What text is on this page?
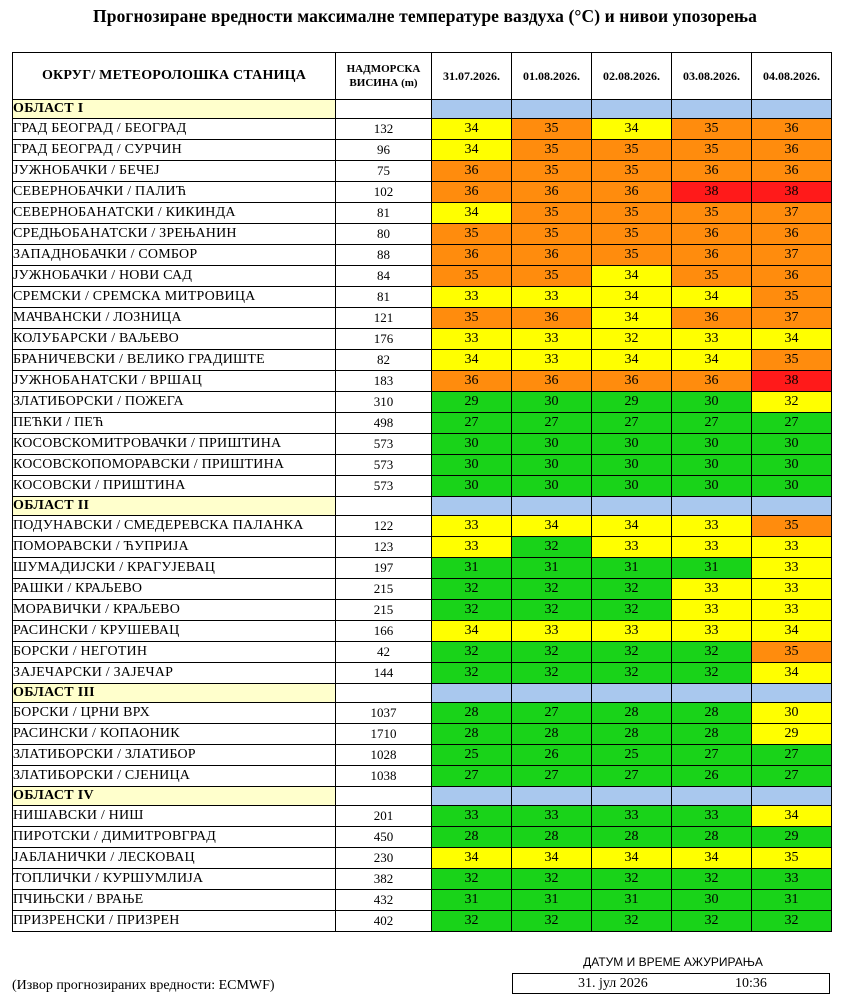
Прогнозиране вредности максималне температуре ваздуха (°C) и нивои упозорења
ОКРУГ/ МЕТЕОРОЛОШКА СТАНИЦА	НАДМОРСКА
ВИСИНА (m)	31.07.2026.	01.08.2026.	02.08.2026.	03.08.2026.	04.08.2026.
ОБЛАСТ I						
ГРАД БЕОГРАД / БЕОГРАД	132	34	35	34	35	36
ГРАД БЕОГРАД / СУРЧИН	96	34	35	35	35	36
ЈУЖНОБАЧКИ / БЕЧЕЈ	75	36	35	35	36	36
СЕВЕРНОБАЧКИ / ПАЛИЋ	102	36	36	36	38	38
СЕВЕРНОБАНАТСКИ / КИКИНДА	81	34	35	35	35	37
СРЕДЊОБАНАТСКИ / ЗРЕЊАНИН	80	35	35	35	36	36
ЗАПАДНОБАЧКИ / СОМБОР	88	36	36	35	36	37
ЈУЖНОБАЧКИ / НОВИ САД	84	35	35	34	35	36
СРЕМСКИ / СРЕМСКА МИТРОВИЦА	81	33	33	34	34	35
МАЧВАНСКИ / ЛОЗНИЦА	121	35	36	34	36	37
КОЛУБАРСКИ / ВАЉЕВО	176	33	33	32	33	34
БРАНИЧЕВСКИ / ВЕЛИКО ГРАДИШТЕ	82	34	33	34	34	35
ЈУЖНОБАНАТСКИ / ВРШАЦ	183	36	36	36	36	38
ЗЛАТИБОРСКИ / ПОЖЕГА	310	29	30	29	30	32
ПЕЋКИ / ПЕЋ	498	27	27	27	27	27
КОСОВСКОМИТРОВАЧКИ / ПРИШТИНА	573	30	30	30	30	30
КОСОВСКОПОМОРАВСКИ / ПРИШТИНА	573	30	30	30	30	30
КОСОВСКИ / ПРИШТИНА	573	30	30	30	30	30
ОБЛАСТ II						
ПОДУНАВСКИ / СМЕДЕРЕВСКА ПАЛАНКА	122	33	34	34	33	35
ПОМОРАВСКИ / ЋУПРИЈА	123	33	32	33	33	33
ШУМАДИЈСКИ / КРАГУЈЕВАЦ	197	31	31	31	31	33
РАШКИ / КРАЉЕВО	215	32	32	32	33	33
МОРАВИЧКИ / КРАЉЕВО	215	32	32	32	33	33
РАСИНСКИ / КРУШЕВАЦ	166	34	33	33	33	34
БОРСКИ / НЕГОТИН	42	32	32	32	32	35
ЗАЈЕЧАРСКИ / ЗАЈЕЧАР	144	32	32	32	32	34
ОБЛАСТ III						
БОРСКИ / ЦРНИ ВРХ	1037	28	27	28	28	30
РАСИНСКИ / КОПАОНИК	1710	28	28	28	28	29
ЗЛАТИБОРСКИ / ЗЛАТИБОР	1028	25	26	25	27	27
ЗЛАТИБОРСКИ / СЈЕНИЦА	1038	27	27	27	26	27
ОБЛАСТ IV						
НИШАВСКИ / НИШ	201	33	33	33	33	34
ПИРОТСКИ / ДИМИТРОВГРАД	450	28	28	28	28	29
ЈАБЛАНИЧКИ / ЛЕСКОВАЦ	230	34	34	34	34	35
ТОПЛИЧКИ / КУРШУМЛИЈА	382	32	32	32	32	33
ПЧИЊСКИ / ВРАЊЕ	432	31	31	31	30	31
ПРИЗРЕНСКИ / ПРИЗРЕН	402	32	32	32	32	32
(Извор прогнозираних вредности: ECMWF)
ДАТУМ И ВРЕМЕ АЖУРИРАЊА
31. јул 2026	10:36
